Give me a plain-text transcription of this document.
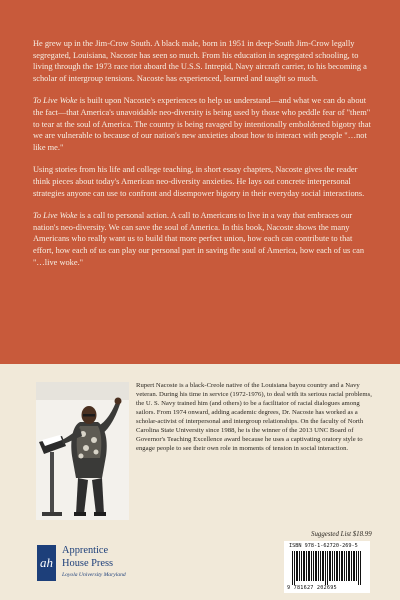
He grew up in the Jim-Crow South. A black male, born in 1951 in deep-South Jim-Crow legally segregated, Louisiana, Nacoste has seen so much. From his education in segregated schooling, to living through the 1973 race riot aboard the U.S.S. Intrepid, Navy aircraft carrier, to his becoming a scholar of intergroup tensions. Nacoste has experienced, learned and taught so much.

To Live Woke is built upon Nacoste's experiences to help us understand—and what we can do about the fact—that America's unavoidable neo-diversity is being used by those who peddle fear of "them" to tear at the soul of America. The country is being ravaged by intentionally emboldened bigotry that we are vulnerable to because of our nation's new anxieties about how to interact with people "…not like me."

Using stories from his life and college teaching, in short essay chapters, Nacoste gives the reader think pieces about today's American neo-diversity anxieties. He lays out concrete interpersonal strategies anyone can use to confront and disempower bigotry in their everyday social interactions.

To Live Woke is a call to personal action. A call to Americans to live in a way that embraces our nation's neo-diversity. We can save the soul of America. In this book, Nacoste shows the many Americans who really want us to build that more perfect union, how each can contribute to that effort, how each of us can play our personal part in saving the soul of America, how each of us can "…live woke."

Rupert Nacoste is a black-Creole native of the Louisiana bayou country and a Navy veteran. During his time in service (1972-1976), to deal with its serious racial problems, the U. S. Navy trained him (and others) to be a facilitator of racial dialogues among sailors. From 1974 onward, adding academic degrees, Dr. Nacoste has worked as a scholar-activist of interpersonal and intergroup relationships. On the faculty of North Carolina State University since 1988, he is the winner of the 2013 UNC Board of Governor's Teaching Excellence award because he uses a captivating oratory style to engage people to see their own role in moments of tension in social interaction.

Suggested List $18.99
ISBN 978-1-62720-269-5
9 781627 202695
ah
Apprentice
House Press
Loyola University Maryland
